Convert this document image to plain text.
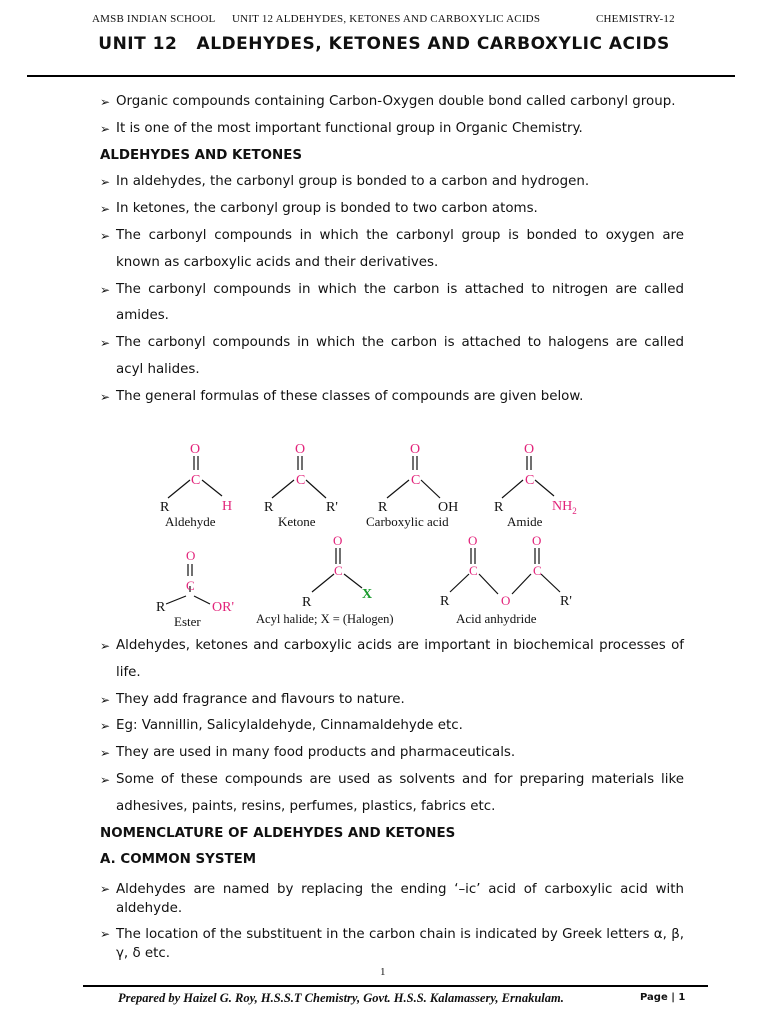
AMSB INDIAN SCHOOL UNIT 12 ALDEHYDES, KETONES AND CARBOXYLIC ACIDS	CHEMISTRY-12
UNIT 12   ALDEHYDES, KETONES AND CARBOXYLIC ACIDS
➢ Organic compounds containing Carbon-Oxygen double bond called carbonyl group.
➢ It is one of the most important functional group in Organic Chemistry.
ALDEHYDES AND KETONES
➢ In aldehydes, the carbonyl group is bonded to a carbon and hydrogen.
➢ In ketones, the carbonyl group is bonded to two carbon atoms.
➢ The carbonyl compounds in which the carbonyl group is bonded to oxygen are known as carboxylic acids and their derivatives.
➢ The carbonyl compounds in which the carbon is attached to nitrogen are called amides.
➢ The carbonyl compounds in which the carbon is attached to halogens are called acyl halides.
➢ The general formulas of these classes of compounds are given below.
O
C
R	H
Aldehyde
O
C
R	R'
Ketone
O
C
R	OH
Carboxylic acid
O
C
R	$NH_2$
Amide
O
C
R	OR'
Ester
O
C
R
X
Acyl halide; X = (Halogen)
O	O
C	C
O
R	R'
Acid anhydride
➢ Aldehydes, ketones and carboxylic acids are important in biochemical processes of life.
➢ They add fragrance and flavours to nature.
➢ Eg: Vannillin, Salicylaldehyde, Cinnamaldehyde etc.
➢ They are used in many food products and pharmaceuticals.
➢ Some of these compounds are used as solvents and for preparing materials like adhesives, paints, resins, perfumes, plastics, fabrics etc.
NOMENCLATURE OF ALDEHYDES AND KETONES
A. COMMON SYSTEM
➢ Aldehydes are named by replacing the ending ‘–ic’ acid of carboxylic acid with aldehyde.
➢ The location of the substituent in the carbon chain is indicated by Greek letters α, β, γ, δ etc.
1
Prepared by Haizel G. Roy, H.S.S.T Chemistry, Govt. H.S.S. Kalamassery, Ernakulam.	Page | 1
